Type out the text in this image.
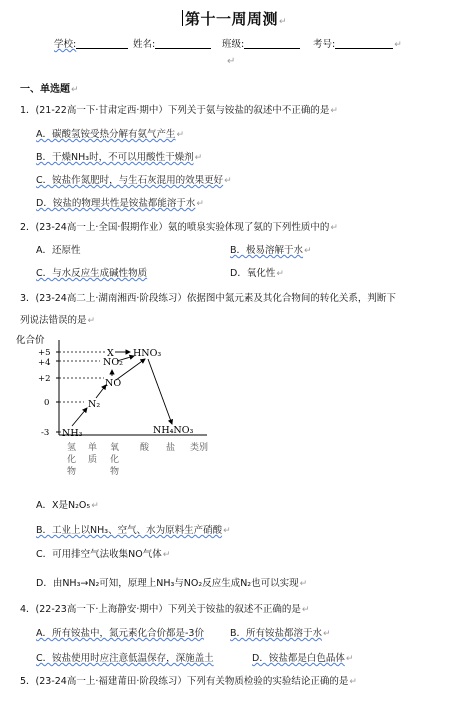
第十一周周测↵
学校:	姓名:	班级:	考号:	↵
↵
一、单选题↵
1．(21-22高一下·甘肃定西·期中）下列关于氨与铵盐的叙述中不正确的是↵
A．碳酸氢铵受热分解有氨气产生↵
B．干燥NH₃时，不可以用酸性干燥剂↵
C．铵盐作氮肥时，与生石灰混用的效果更好↵
D．铵盐的物理共性是铵盐都能溶于水↵
2．(23-24高一上·全国·假期作业）氨的喷泉实验体现了氨的下列性质中的↵
A．还原性	B．极易溶解于水↵
C．与水反应生成碱性物质	D．氧化性↵
3．(23-24高二上·湖南湘西·阶段练习）依据图中氮元素及其化合物间的转化关系，判断下
列说法错误的是↵
化合价
+5
+4
+2
0
-3
X HNO₃
NO₂
NO
N₂
NH₃	NH₄NO₃
氢
化
物
单
质
氧
化
物
酸 盐 类别
A．X是N₂O₅↵
B．工业上以NH₃、空气、水为原料生产硝酸↵
C．可用排空气法收集NO气体↵
D．由NH₃→N₂可知，原理上NH₃与NO₂反应生成N₂也可以实现↵
4．(22-23高一下·上海静安·期中）下列关于铵盐的叙述不正确的是↵
A．所有铵盐中，氮元素化合价都是-3价	B．所有铵盐都溶于水↵
C．铵盐使用时应注意低温保存，深施盖土	D．铵盐都是白色晶体↵
5．(23-24高一上·福建莆田·阶段练习）下列有关物质检验的实验结论正确的是↵
